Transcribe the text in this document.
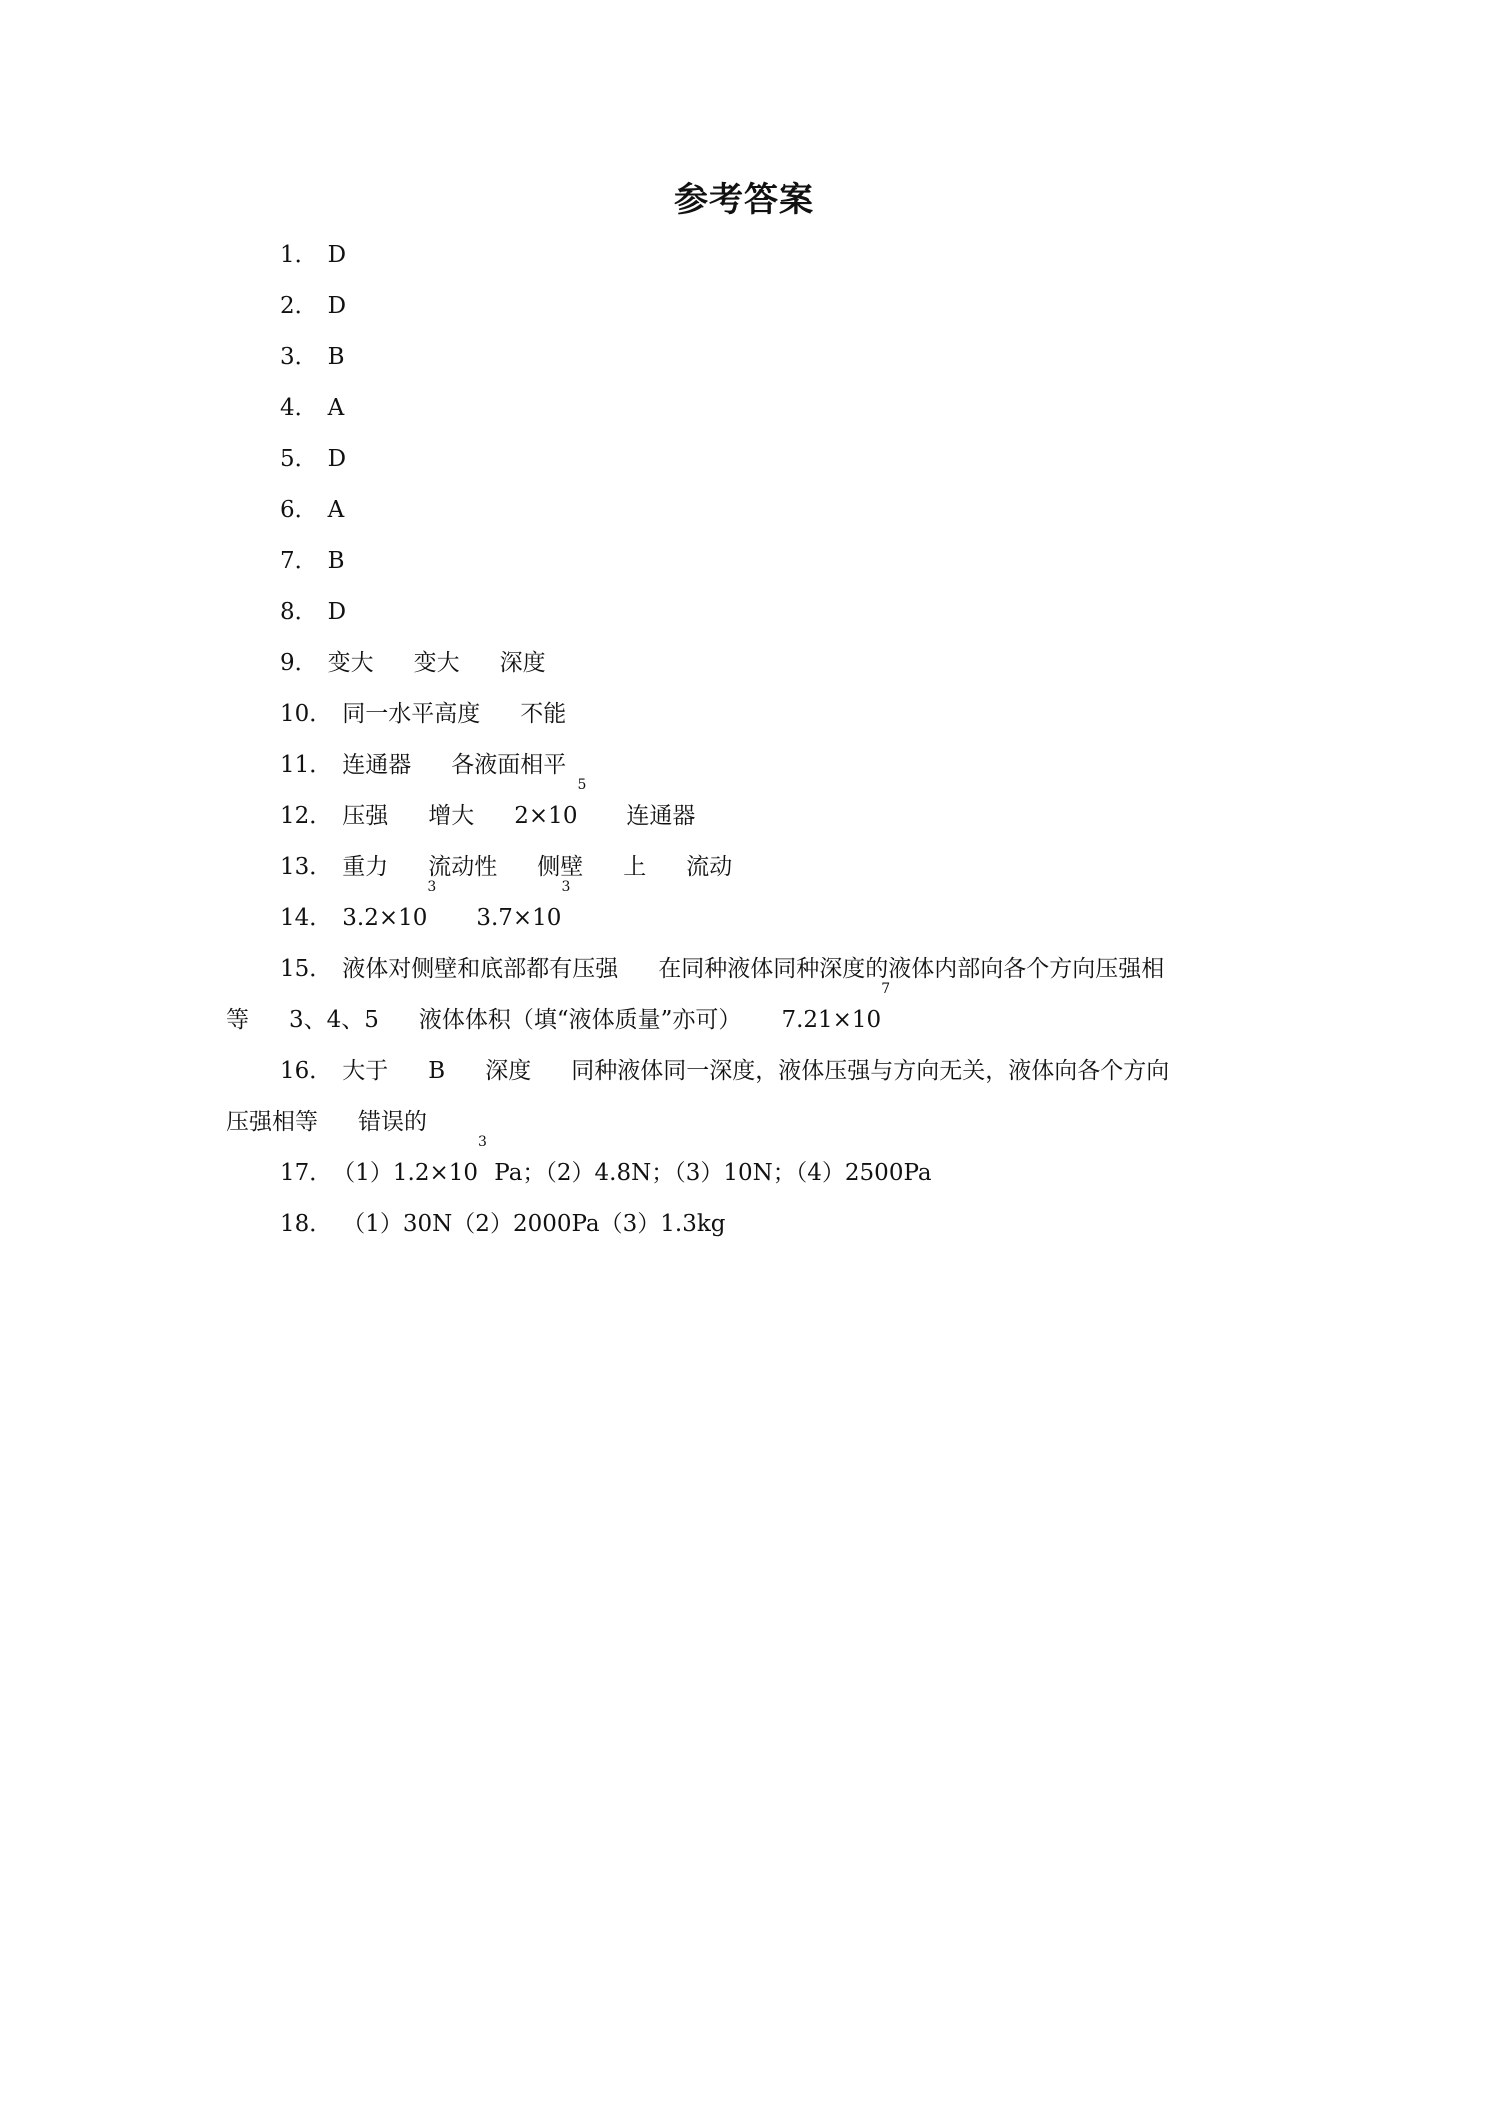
参考答案
1． D
2． D
3． B
4． A
5． D
6． A
7． B
8． D
9． 变大 变大 深度
10． 同一水平高度 不能
11． 连通器 各液面相平
12． 压强 增大 $2\times 10^5$连通器
13． 重力 流动性 侧壁 上 流动
14． $3.2\times 10^33.7\times 10^3$
15． 液体对侧壁和底部都有压强 在同种液体同种深度的液体内部向各个方向压强相
等 3、4、5 液体体积（填“液体质量”亦可） $7.21\times 10^7$
16． 大于 B 深度 同种液体同一深度，液体压强与方向无关，液体向各个方向
压强相等 错误的
17．$(1)1.2\times 10^3$ Pa；（2）4.8N；（3）10N；（4）2500Pa
18． （1）30N（2）2000Pa（3）1.3kg
